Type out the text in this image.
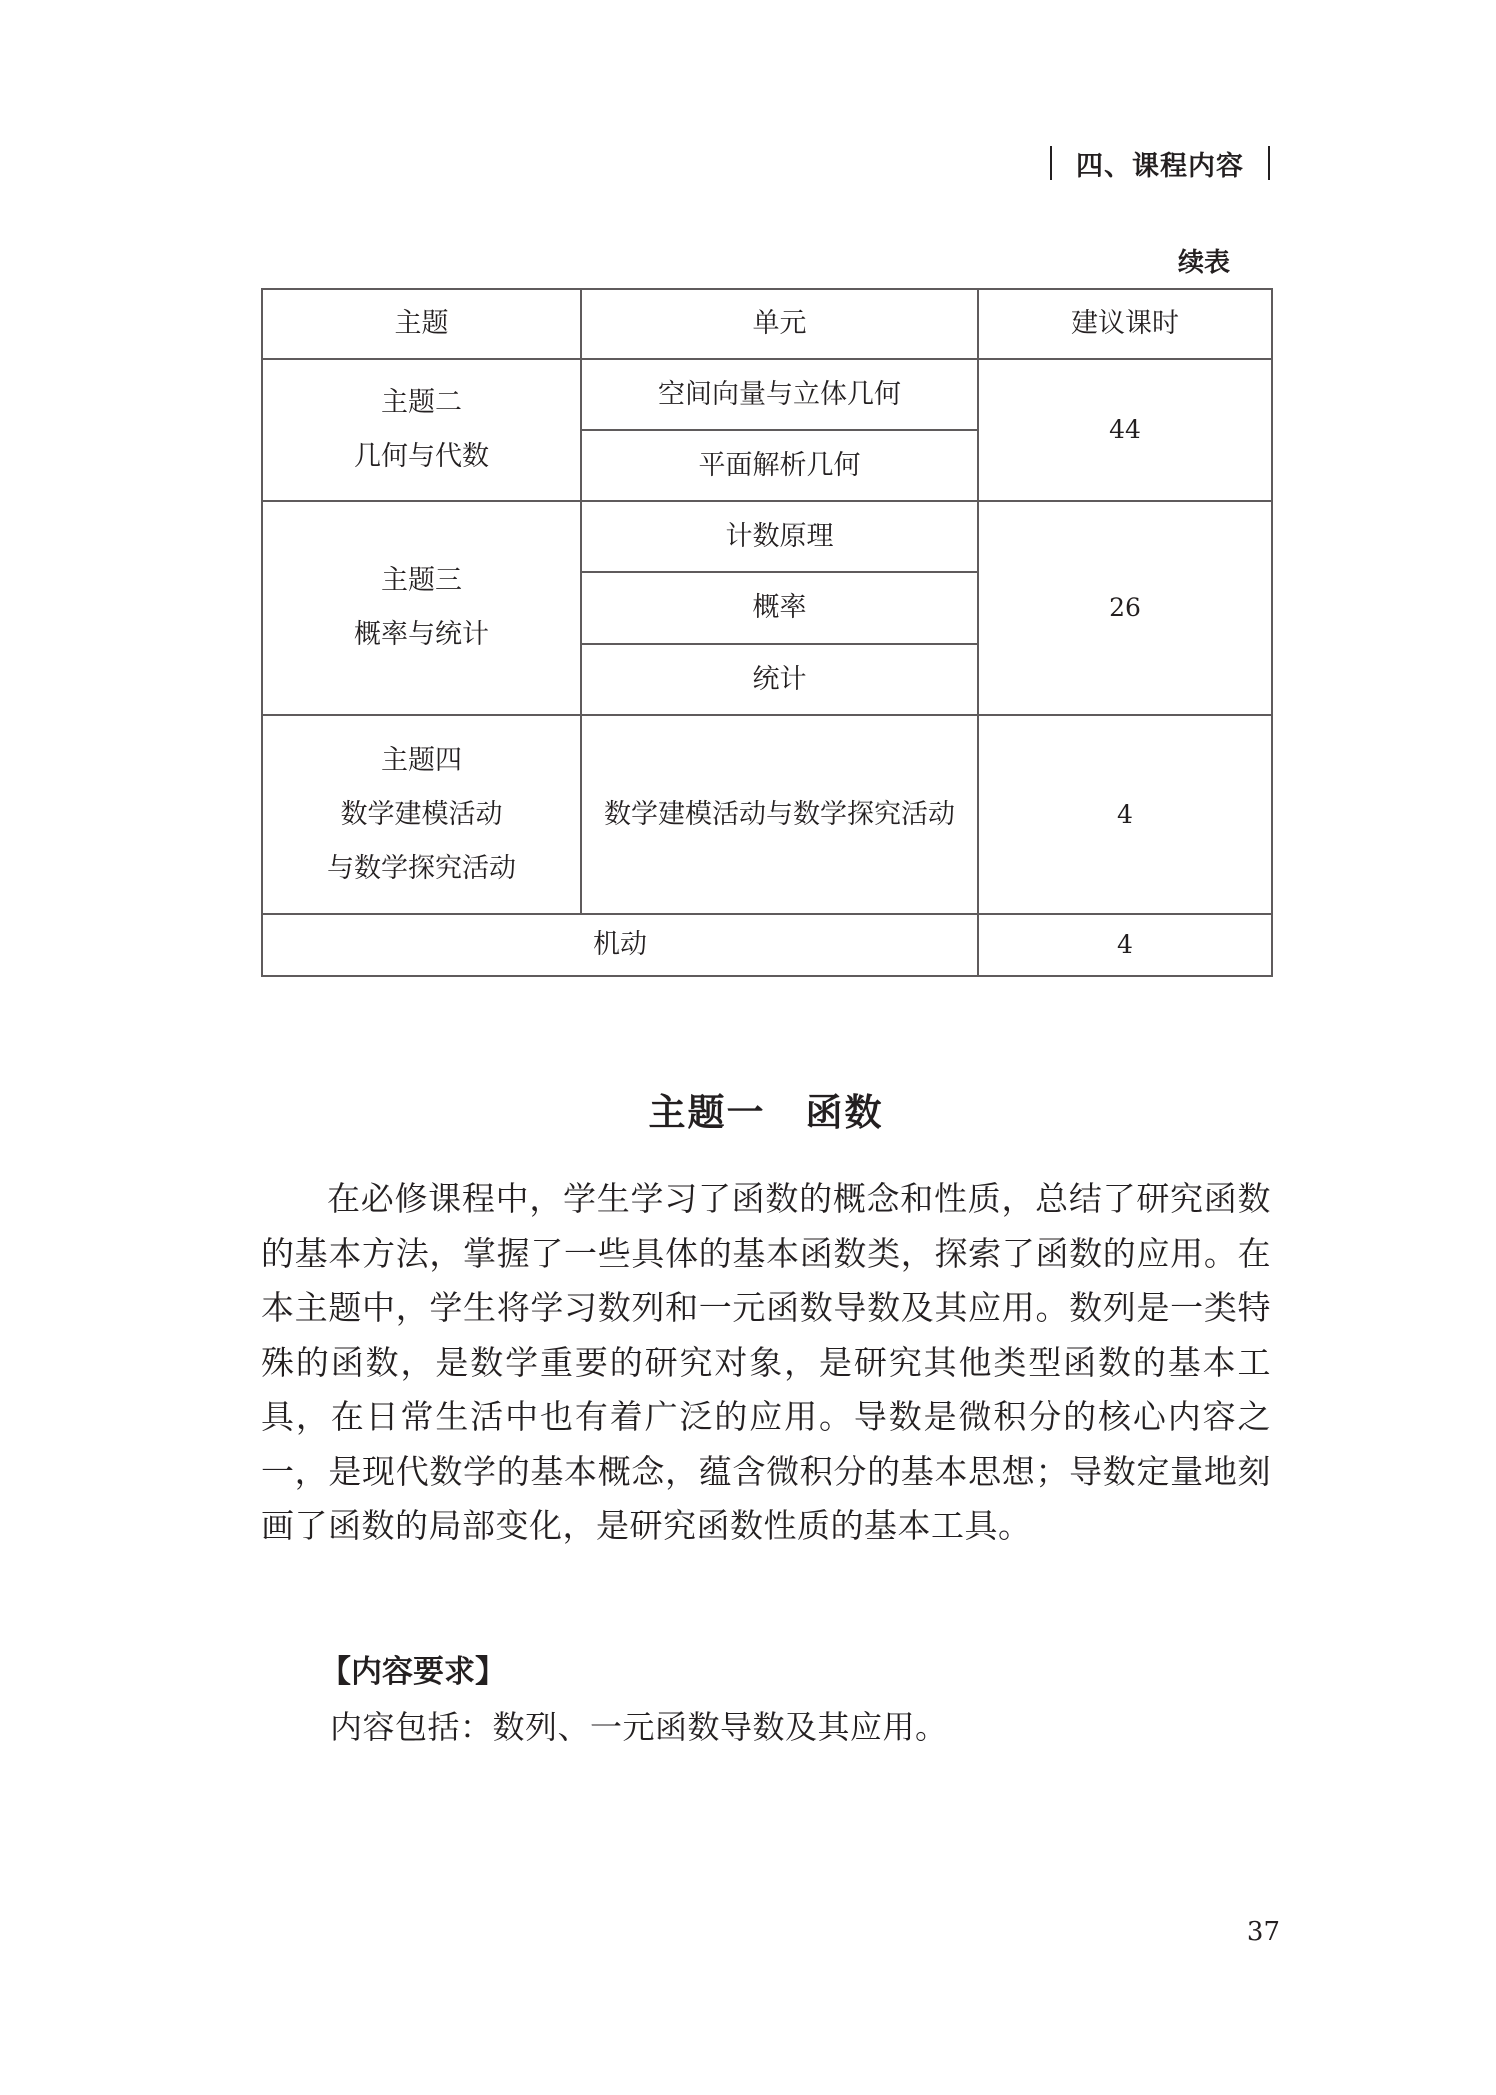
四、课程内容
续表
主题	单元	建议课时

主题二
几何与代数	空间向量与立体几何	44
	平面解析几何	

主题三
概率与统计	计数原理	26
	概率	
	统计	

主题四
数学建模活动
与数学探究活动	数学建模活动与数学探究活动	4
机动		4
主题一 函数

在必修课程中，学生学习了函数的概念和性质，总结了研究函数的基本方法，掌握了一些具体的基本函数类，探索了函数的应用。在本主题中，学生将学习数列和一元函数导数及其应用。数列是一类特殊的函数，是数学重要的研究对象，是研究其他类型函数的基本工具，在日常生活中也有着广泛的应用。导数是微积分的核心内容之一，是现代数学的基本概念，蕴含微积分的基本思想；导数定量地刻画了函数的局部变化，是研究函数性质的基本工具。

【内容要求】

内容包括：数列、一元函数导数及其应用。

37
